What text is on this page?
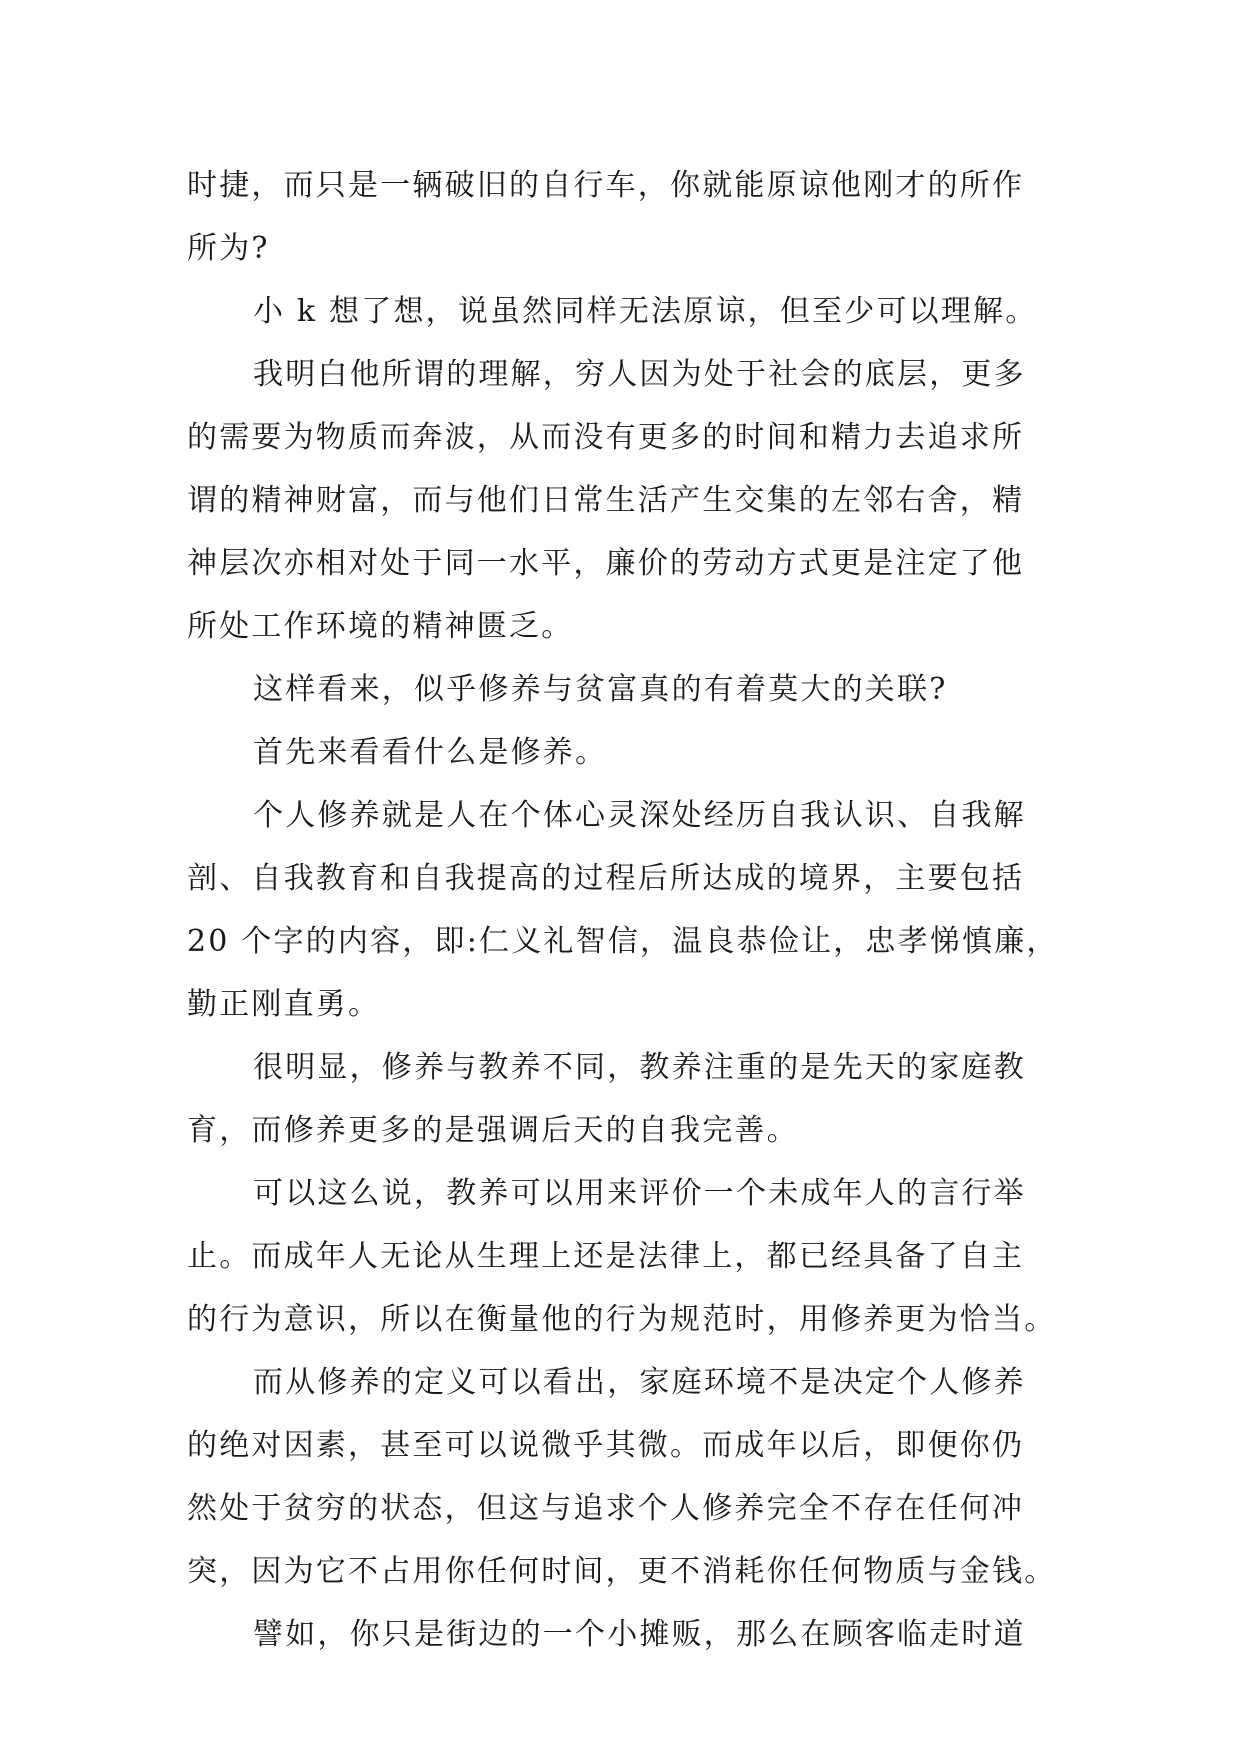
时捷，而只是一辆破旧的自行车，你就能原谅他刚才的所作
所为?
小 k 想了想，说虽然同样无法原谅，但至少可以理解。
我明白他所谓的理解，穷人因为处于社会的底层，更多
的需要为物质而奔波，从而没有更多的时间和精力去追求所
谓的精神财富，而与他们日常生活产生交集的左邻右舍，精
神层次亦相对处于同一水平，廉价的劳动方式更是注定了他
所处工作环境的精神匮乏。
这样看来，似乎修养与贫富真的有着莫大的关联?
首先来看看什么是修养。
个人修养就是人在个体心灵深处经历自我认识、自我解
剖、自我教育和自我提高的过程后所达成的境界，主要包括
20 个字的内容，即:仁义礼智信，温良恭俭让，忠孝悌慎廉，
勤正刚直勇。
很明显，修养与教养不同，教养注重的是先天的家庭教
育，而修养更多的是强调后天的自我完善。
可以这么说，教养可以用来评价一个未成年人的言行举
止。而成年人无论从生理上还是法律上，都已经具备了自主
的行为意识，所以在衡量他的行为规范时，用修养更为恰当。
而从修养的定义可以看出，家庭环境不是决定个人修养
的绝对因素，甚至可以说微乎其微。而成年以后，即便你仍
然处于贫穷的状态，但这与追求个人修养完全不存在任何冲
突，因为它不占用你任何时间，更不消耗你任何物质与金钱。
譬如，你只是街边的一个小摊贩，那么在顾客临走时道
